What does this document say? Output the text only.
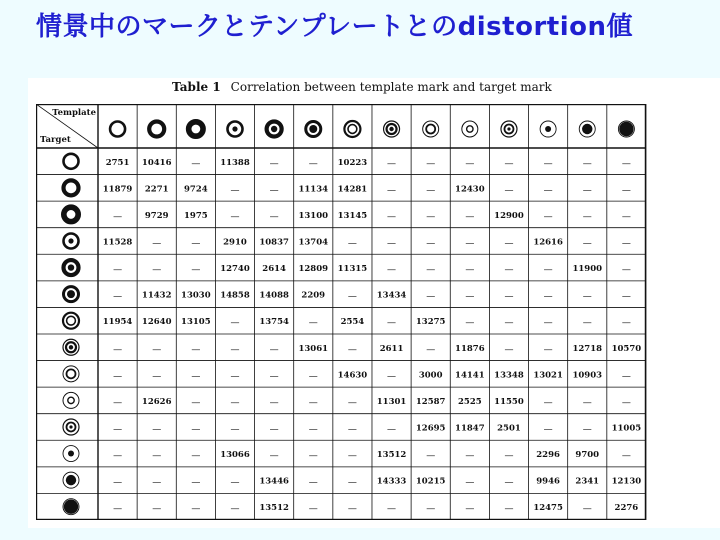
情景中のマークとテンプレートとのdistortion値
Table 1 Correlation between template mark and target mark
Template
Target
2751 10416 — 11388 —	— 10223 —	—	—	—	—	—	—
11879 2271 9724	—	— 11134 14281 —	— 12430 —	—	—	—
—	9729 1975	—	— 13100 13145 —	—	— 12900 —	—	—
11528 —	—	2910 10837 13704 —	—	—	—	— 12616 —	—
—	—	— 12740 2614 12809 11315 —	—	—	—	— 11900 —
— 11432 13030 14858 14088 2209	— 13434 —	—	—	—	—	—
11954 12640 13105 — 13754 —	2554	— 13275 —	—	—	—	—
—	—	—	—	— 13061 —	2611	— 11876 —	— 12718 10570
—	—	—	—	—	— 14630 —	3000 14141 13348 13021 10903 —
— 12626 —	—	—	—	— 11301 12587 2525 11550 —	—	—
—	—	—	—	—	—	—	— 12695 11847 2501	—	— 11005
—	—	— 13066 —	—	— 13512 —	—	—	2296 9700	—
—	—	—	— 13446 —	— 14333 10215 —	—	9946 2341 12130
—	—	—	— 13512 —	—	—	—	—	— 12475 —	2276
